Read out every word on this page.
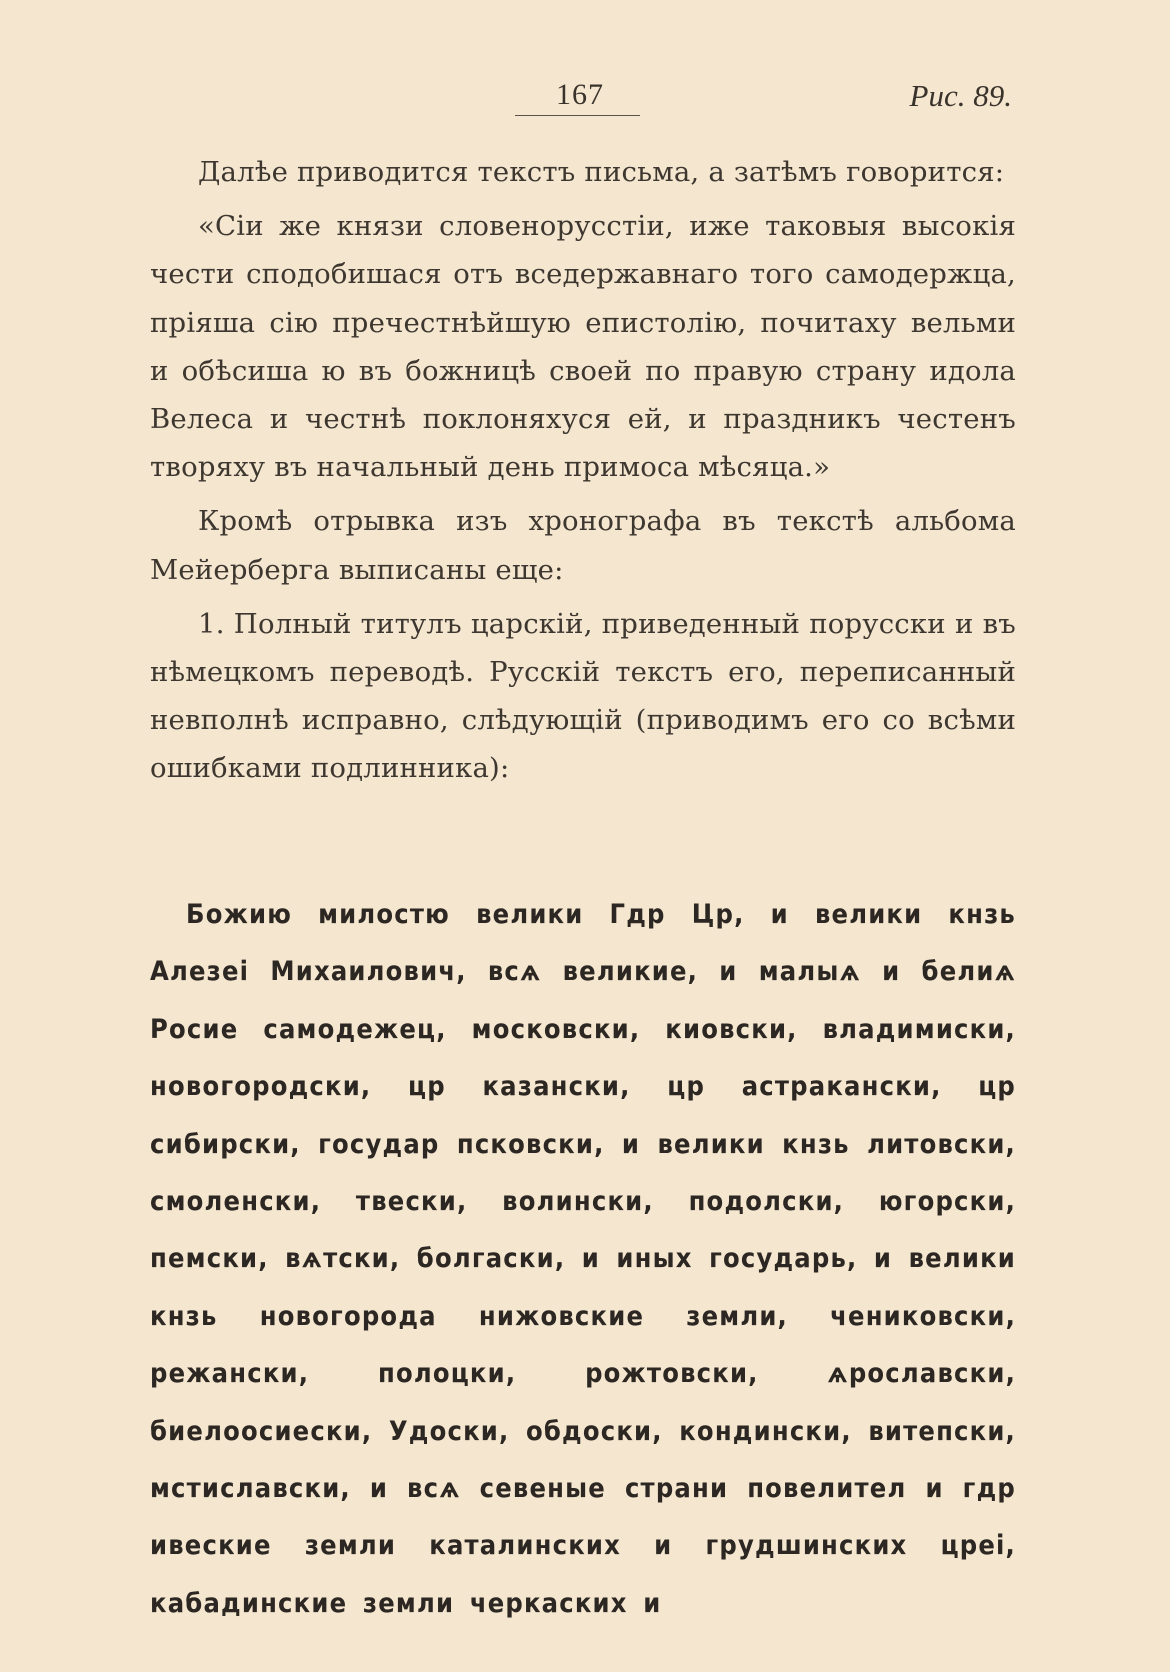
167	Рис. 89.

Далѣе приводится текстъ письма, а затѣмъ говорится:

«Сіи же князи словенорусстіи, иже таковыя высокія чести сподобишася отъ вседержавнаго того самодержца, пріяша сію пречестнѣйшую епистолію, почитаху вельми и обѣсиша ю въ божницѣ своей по правую страну идола Велеса и честнѣ поклоняхуся ей, и праздникъ честенъ творяху въ начальный день примоса мѣсяца.»

Кромѣ отрывка изъ хронографа въ текстѣ альбома Мейерберга выписаны еще:

1. Полный титулъ царскій, приведенный порусски и въ нѣмецкомъ переводѣ. Русскій текстъ его, переписанный невполнѣ исправно, слѣдующій (приводимъ его со всѣми ошибками подлинника):

Божию милостю велики Гдр Цр, и велики кнзь Алезеі Михаилович, всѧ великие, и малыѧ и белиѧ Росие самодежец, московски, киовски, владимиски, новогородски, цр казански, цр астракански, цр сибирски, государ псковски, и велики кнзь литовски, смоленски, твески, волински, подолски, югорски, пемски, вѧтски, болгаски, и иных государь, и велики кнзь новогорода нижовские земли, чениковски, режански, полоцки, рожтовски, ѧрославски, биелоосиески, Удоски, обдоски, кондински, витепски, мстиславски, и всѧ севеные страни повелител и гдр ивеские земли каталинских и грудшинских црei, кабадинские земли черкаских и
